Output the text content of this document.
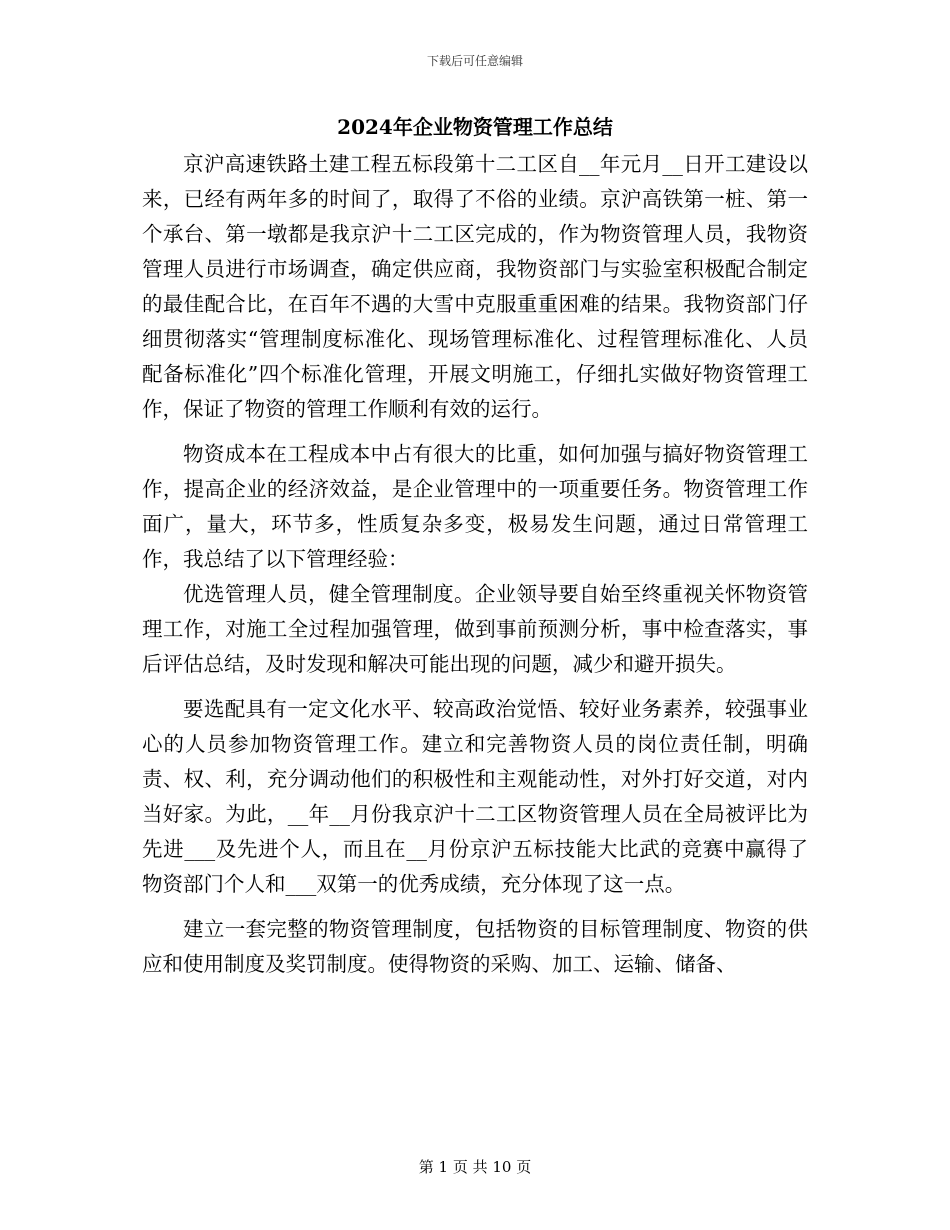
下载后可任意编辑
2024年企业物资管理工作总结

京沪高速铁路土建工程五标段第十二工区自__年元月__日开工建设以来，已经有两年多的时间了，取得了不俗的业绩。京沪高铁第一桩、第一个承台、第一墩都是我京沪十二工区完成的，作为物资管理人员，我物资管理人员进行市场调查，确定供应商，我物资部门与实验室积极配合制定的最佳配合比，在百年不遇的大雪中克服重重困难的结果。我物资部门仔细贯彻落实“管理制度标准化、现场管理标准化、过程管理标准化、人员配备标准化”四个标准化管理，开展文明施工，仔细扎实做好物资管理工作，保证了物资的管理工作顺利有效的运行。

物资成本在工程成本中占有很大的比重，如何加强与搞好物资管理工作，提高企业的经济效益，是企业管理中的一项重要任务。物资管理工作面广，量大，环节多，性质复杂多变，极易发生问题，通过日常管理工作，我总结了以下管理经验：

优选管理人员，健全管理制度。企业领导要自始至终重视关怀物资管理工作，对施工全过程加强管理，做到事前预测分析，事中检查落实，事后评估总结，及时发现和解决可能出现的问题，减少和避开损失。

要选配具有一定文化水平、较高政治觉悟、较好业务素养，较强事业心的人员参加物资管理工作。建立和完善物资人员的岗位责任制，明确责、权、利，充分调动他们的积极性和主观能动性，对外打好交道，对内当好家。为此，__年__月份我京沪十二工区物资管理人员在全局被评比为先进___及先进个人，而且在__月份京沪五标技能大比武的竞赛中赢得了物资部门个人和___双第一的优秀成绩，充分体现了这一点。

建立一套完整的物资管理制度，包括物资的目标管理制度、物资的供应和使用制度及奖罚制度。使得物资的采购、加工、运输、储备、

第 1 页 共 10 页
